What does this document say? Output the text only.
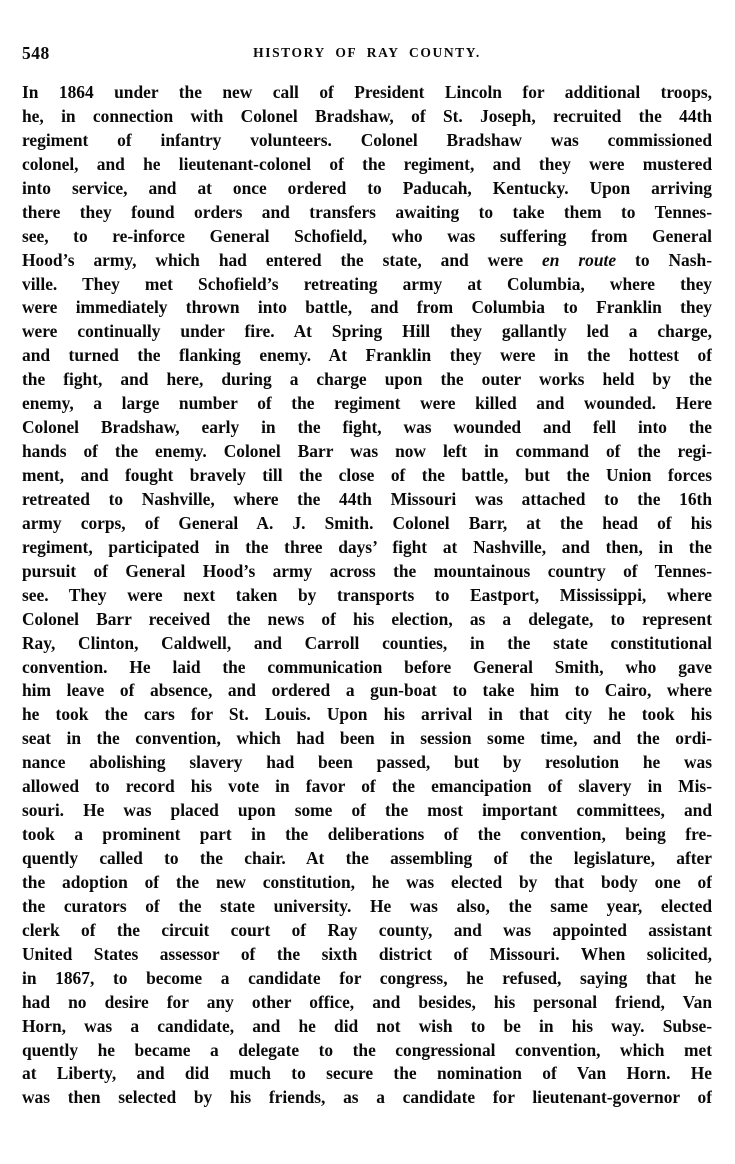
548	HISTORY OF RAY COUNTY.
In 1864 under the new call of President Lincoln for additional troops,
he, in connection with Colonel Bradshaw, of St. Joseph, recruited the 44th
regiment of infantry volunteers. Colonel Bradshaw was commissioned
colonel, and he lieutenant-colonel of the regiment, and they were mustered
into service, and at once ordered to Paducah, Kentucky. Upon arriving
there they found orders and transfers awaiting to take them to Tennes-
see, to re-inforce General Schofield, who was suffering from General
Hood’s army, which had entered the state, and were en route to Nash-
ville. They met Schofield’s retreating army at Columbia, where they
were immediately thrown into battle, and from Columbia to Franklin they
were continually under fire. At Spring Hill they gallantly led a charge,
and turned the flanking enemy. At Franklin they were in the hottest of
the fight, and here, during a charge upon the outer works held by the
enemy, a large number of the regiment were killed and wounded. Here
Colonel Bradshaw, early in the fight, was wounded and fell into the
hands of the enemy. Colonel Barr was now left in command of the regi-
ment, and fought bravely till the close of the battle, but the Union forces
retreated to Nashville, where the 44th Missouri was attached to the 16th
army corps, of General A. J. Smith. Colonel Barr, at the head of his
regiment, participated in the three days’ fight at Nashville, and then, in the
pursuit of General Hood’s army across the mountainous country of Tennes-
see. They were next taken by transports to Eastport, Mississippi, where
Colonel Barr received the news of his election, as a delegate, to represent
Ray, Clinton, Caldwell, and Carroll counties, in the state constitutional
convention. He laid the communication before General Smith, who gave
him leave of absence, and ordered a gun-boat to take him to Cairo, where
he took the cars for St. Louis. Upon his arrival in that city he took his
seat in the convention, which had been in session some time, and the ordi-
nance abolishing slavery had been passed, but by resolution he was
allowed to record his vote in favor of the emancipation of slavery in Mis-
souri. He was placed upon some of the most important committees, and
took a prominent part in the deliberations of the convention, being fre-
quently called to the chair. At the assembling of the legislature, after
the adoption of the new constitution, he was elected by that body one of
the curators of the state university. He was also, the same year, elected
clerk of the circuit court of Ray county, and was appointed assistant
United States assessor of the sixth district of Missouri. When solicited,
in 1867, to become a candidate for congress, he refused, saying that he
had no desire for any other office, and besides, his personal friend, Van
Horn, was a candidate, and he did not wish to be in his way. Subse-
quently he became a delegate to the congressional convention, which met
at Liberty, and did much to secure the nomination of Van Horn. He
was then selected by his friends, as a candidate for lieutenant-governor of
